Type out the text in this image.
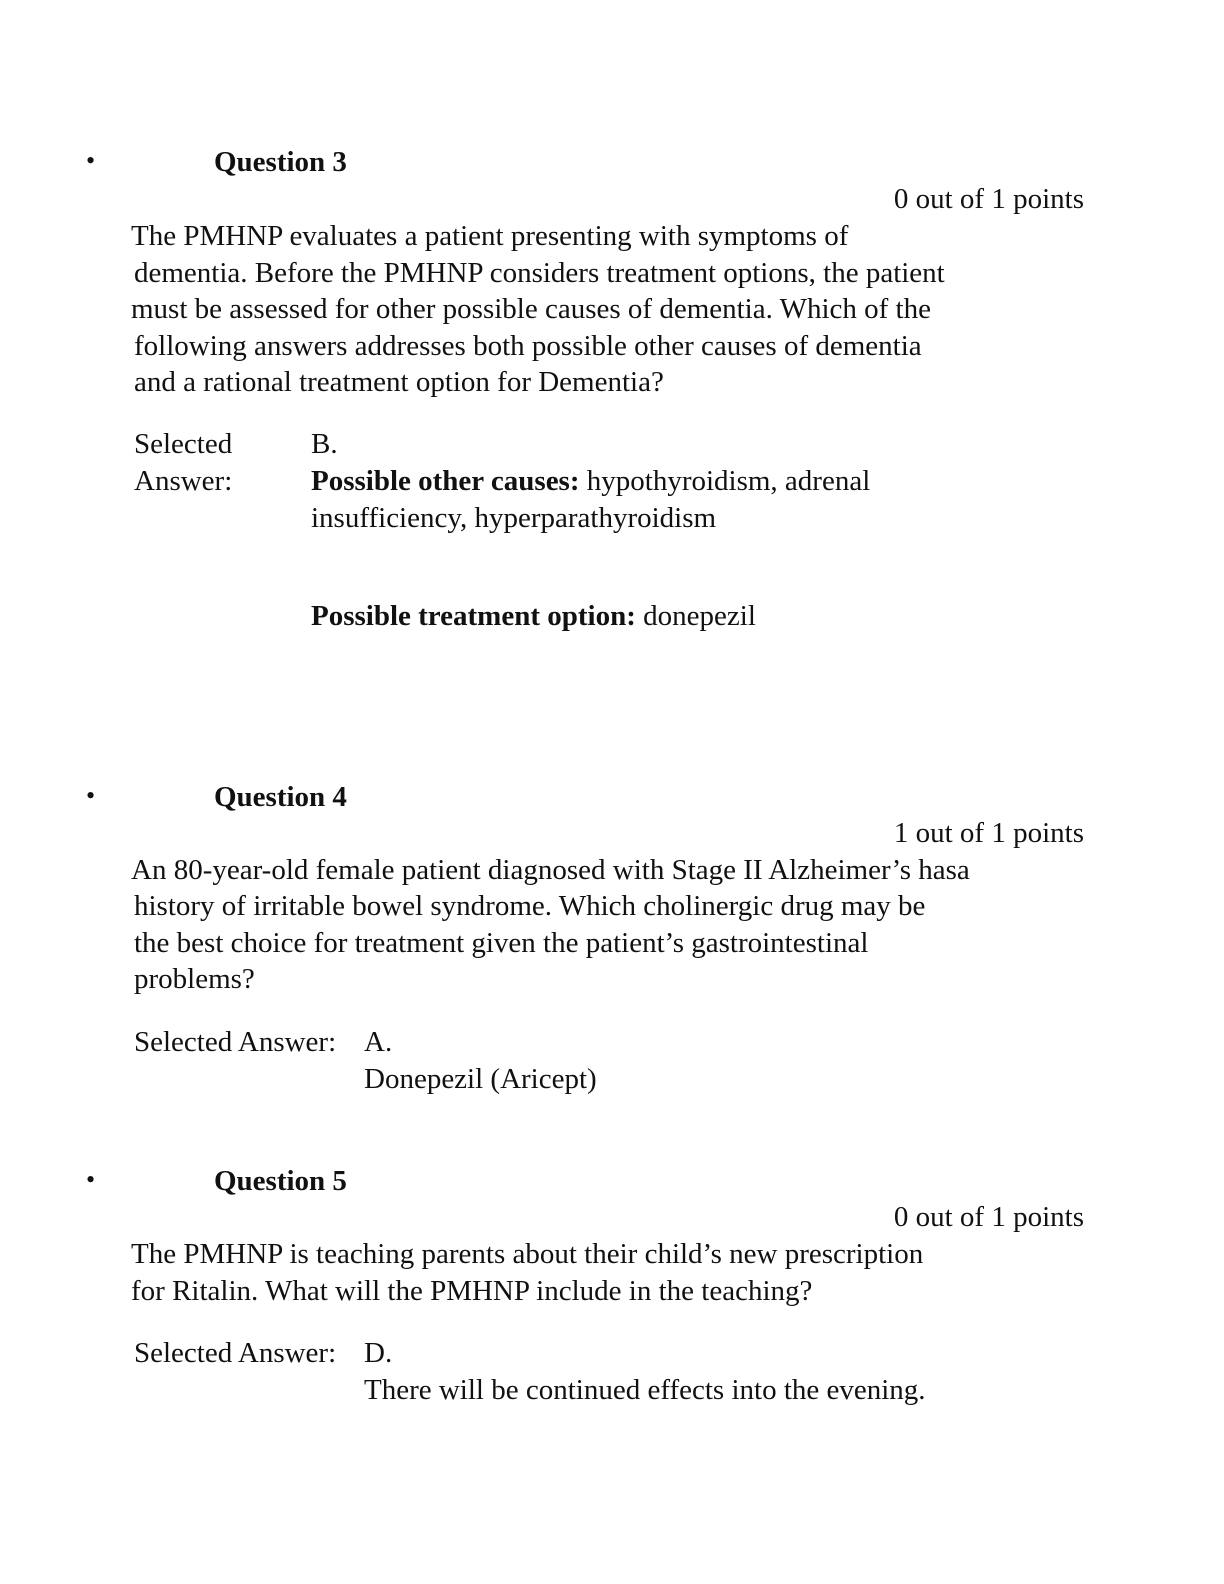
•	Question 3
0 out of 1 points
The PMHNP evaluates a patient presenting with symptoms of
dementia. Before the PMHNP considers treatment options, the patient
must be assessed for other possible causes of dementia. Which of the
following answers addresses both possible other causes of dementia
and a rational treatment option for Dementia?
Selected
Answer:
B.
Possible other causes: hypothyroidism, adrenal
insufficiency, hyperparathyroidism
Possible treatment option: donepezil
•	Question 4
1 out of 1 points
An 80-year-old female patient diagnosed with Stage II Alzheimer’s hasa
history of irritable bowel syndrome. Which cholinergic drug may be
the best choice for treatment given the patient’s gastrointestinal
problems?
Selected Answer: A.
Donepezil (Aricept)
•	Question 5
0 out of 1 points
The PMHNP is teaching parents about their child’s new prescription
for Ritalin. What will the PMHNP include in the teaching?
Selected Answer: D.
There will be continued effects into the evening.
